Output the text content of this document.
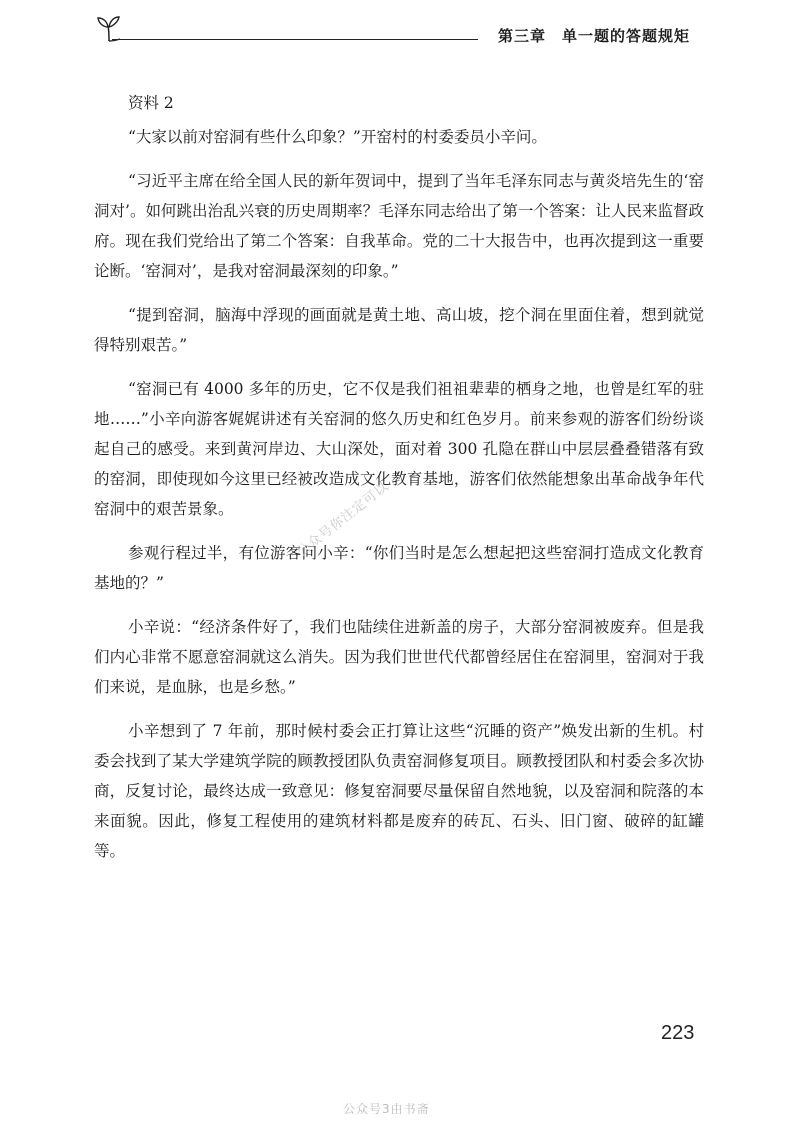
第三章 单一题的答题规矩

资料 2

“大家以前对窑洞有些什么印象？”开窑村的村委委员小辛问。

“习近平主席在给全国人民的新年贺词中，提到了当年毛泽东同志与黄炎培先生的‘窑洞对’。如何跳出治乱兴衰的历史周期率？毛泽东同志给出了第一个答案：让人民来监督政府。现在我们党给出了第二个答案：自我革命。党的二十大报告中，也再次提到这一重要论断。‘窑洞对’，是我对窑洞最深刻的印象。”

“提到窑洞，脑海中浮现的画面就是黄土地、高山坡，挖个洞在里面住着，想到就觉得特别艰苦。”

“窑洞已有 4000 多年的历史，它不仅是我们祖祖辈辈的栖身之地，也曾是红军的驻地……”小辛向游客娓娓讲述有关窑洞的悠久历史和红色岁月。前来参观的游客们纷纷谈起自己的感受。来到黄河岸边、大山深处，面对着 300 孔隐在群山中层层叠叠错落有致的窑洞，即使现如今这里已经被改造成文化教育基地，游客们依然能想象出革命战争年代窑洞中的艰苦景象。

参观行程过半，有位游客问小辛：“你们当时是怎么想起把这些窑洞打造成文化教育基地的？”

小辛说：“经济条件好了，我们也陆续住进新盖的房子，大部分窑洞被废弃。但是我们内心非常不愿意窑洞就这么消失。因为我们世世代代都曾经居住在窑洞里，窑洞对于我们来说，是血脉，也是乡愁。”

小辛想到了 7 年前，那时候村委会正打算让这些“沉睡的资产”焕发出新的生机。村委会找到了某大学建筑学院的顾教授团队负责窑洞修复项目。顾教授团队和村委会多次协商，反复讨论，最终达成一致意见：修复窑洞要尽量保留自然地貌，以及窑洞和院落的本来面貌。因此，修复工程使用的建筑材料都是废弃的砖瓦、石头、旧门窗、破碎的缸罐等。

公众号你注定可以
223
公众号3由书斋
